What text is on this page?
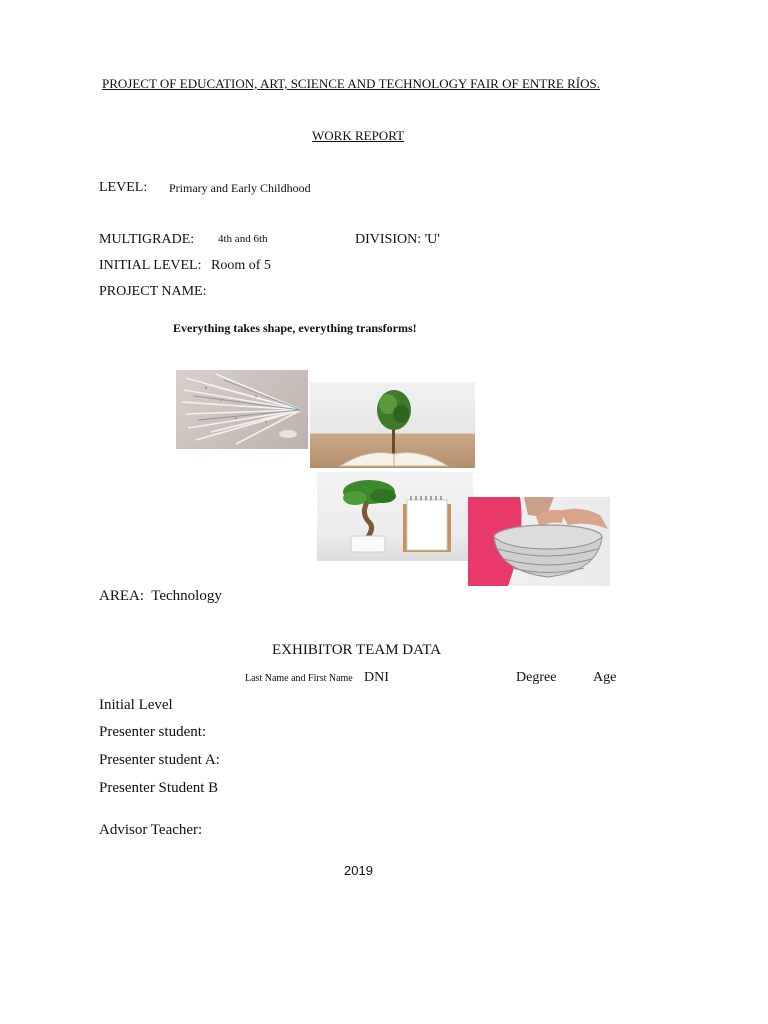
PROJECT OF EDUCATION, ART, SCIENCE AND TECHNOLOGY FAIR OF ENTRE RÍOS.
WORK REPORT
LEVEL: Primary and Early Childhood
MULTIGRADE: 4th and 6th	DIVISION: 'U'
INITIAL LEVEL: Room of 5
PROJECT NAME:
Everything takes shape, everything transforms!
AREA: Technology
EXHIBITOR TEAM DATA
Last Name and First Name DNI	Degree	Age
Initial Level
Presenter student:
Presenter student A:
Presenter Student B
Advisor Teacher:
2019
